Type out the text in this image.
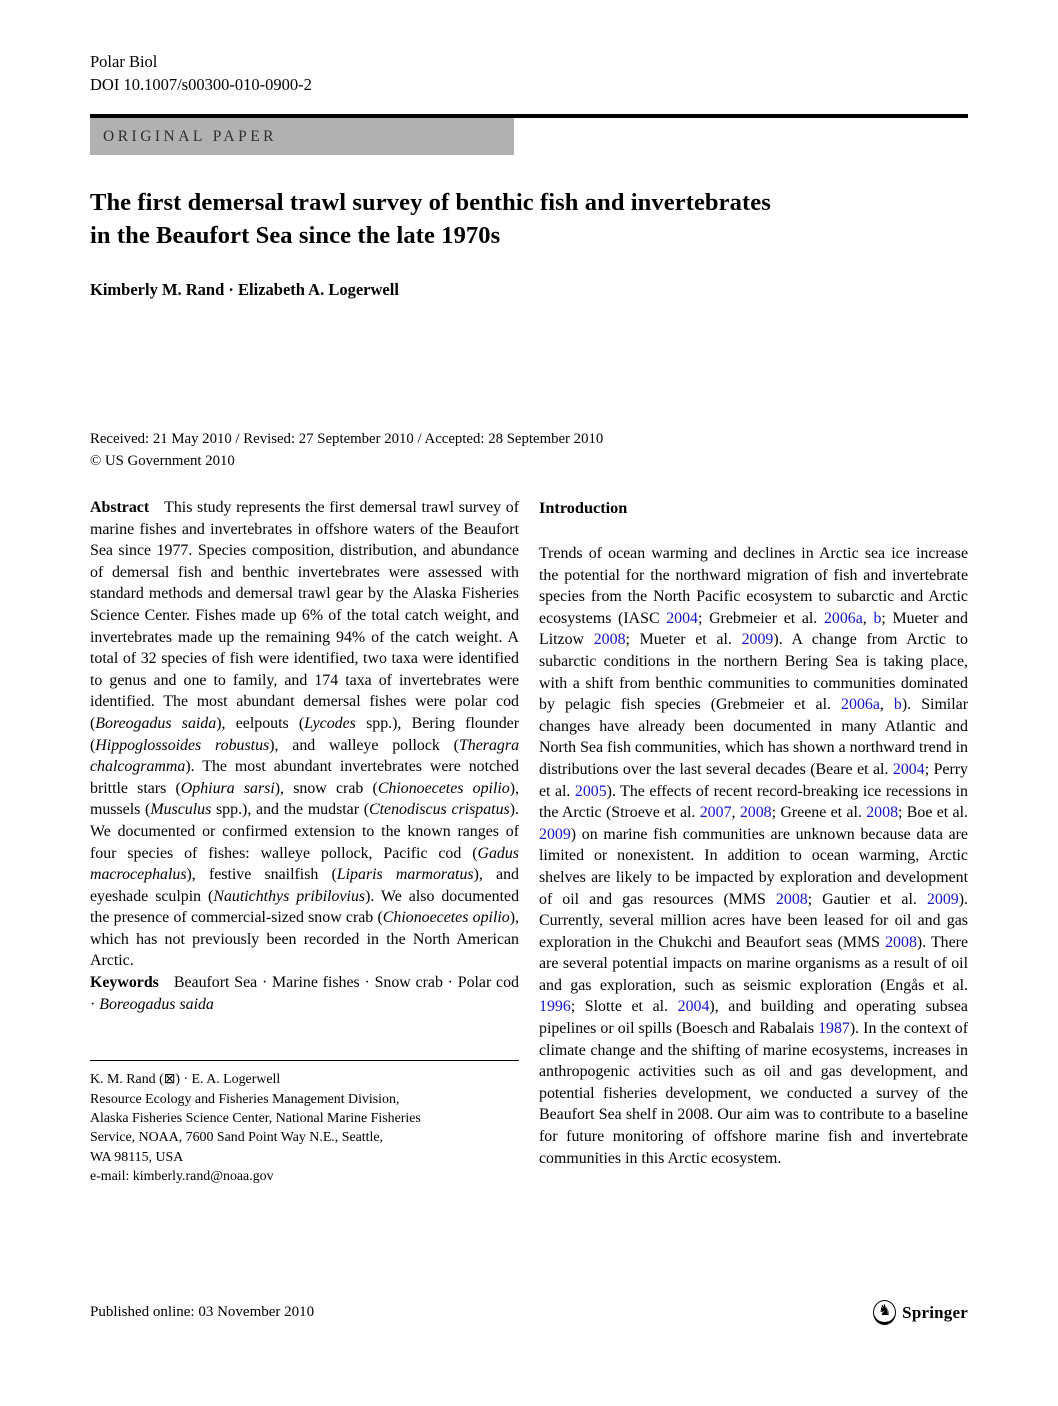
Polar Biol
DOI 10.1007/s00300-010-0900-2
ORIGINAL PAPER
The first demersal trawl survey of benthic fish and invertebrates
in the Beaufort Sea since the late 1970s
Kimberly M. Rand · Elizabeth A. Logerwell
Received: 21 May 2010 / Revised: 27 September 2010 / Accepted: 28 September 2010
© US Government 2010

Abstract This study represents the first demersal trawl survey of marine fishes and invertebrates in offshore waters of the Beaufort Sea since 1977. Species composition, distribution, and abundance of demersal fish and benthic invertebrates were assessed with standard methods and demersal trawl gear by the Alaska Fisheries Science Center. Fishes made up 6% of the total catch weight, and invertebrates made up the remaining 94% of the catch weight. A total of 32 species of fish were identified, two taxa were identified to genus and one to family, and 174 taxa of invertebrates were identified. The most abundant demersal fishes were polar cod (Boreogadus saida), eelpouts (Lycodes spp.), Bering flounder (Hippoglossoides robustus), and walleye pollock (Theragra chalcogramma). The most abundant invertebrates were notched brittle stars (Ophiura sarsi), snow crab (Chionoecetes opilio), mussels (Musculus spp.), and the mudstar (Ctenodiscus crispatus). We documented or confirmed extension to the known ranges of four species of fishes: walleye pollock, Pacific cod (Gadus macrocephalus), festive snailfish (Liparis marmoratus), and eyeshade sculpin (Nautichthys pribilovius). We also documented the presence of commercial-sized snow crab (Chionoecetes opilio), which has not previously been recorded in the North American Arctic.

Keywords Beaufort Sea · Marine fishes · Snow crab · Polar cod · Boreogadus saida

K. M. Rand (⊠) · E. A. Logerwell
Resource Ecology and Fisheries Management Division,
Alaska Fisheries Science Center, National Marine Fisheries
Service, NOAA, 7600 Sand Point Way N.E., Seattle,
WA 98115, USA
e-mail: kimberly.rand@noaa.gov
Introduction

Trends of ocean warming and declines in Arctic sea ice increase the potential for the northward migration of fish and invertebrate species from the North Pacific ecosystem to subarctic and Arctic ecosystems (IASC 2004; Grebmeier et al. 2006a, b; Mueter and Litzow 2008; Mueter et al. 2009). A change from Arctic to subarctic conditions in the northern Bering Sea is taking place, with a shift from benthic communities to communities dominated by pelagic fish species (Grebmeier et al. 2006a, b). Similar changes have already been documented in many Atlantic and North Sea fish communities, which has shown a northward trend in distributions over the last several decades (Beare et al. 2004; Perry et al. 2005). The effects of recent record-breaking ice recessions in the Arctic (Stroeve et al. 2007, 2008; Greene et al. 2008; Boe et al. 2009) on marine fish communities are unknown because data are limited or nonexistent. In addition to ocean warming, Arctic shelves are likely to be impacted by exploration and development of oil and gas resources (MMS 2008; Gautier et al. 2009). Currently, several million acres have been leased for oil and gas exploration in the Chukchi and Beaufort seas (MMS 2008). There are several potential impacts on marine organisms as a result of oil and gas exploration, such as seismic exploration (Engås et al. 1996; Slotte et al. 2004), and building and operating subsea pipelines or oil spills (Boesch and Rabalais 1987). In the context of climate change and the shifting of marine ecosystems, increases in anthropogenic activities such as oil and gas development, and potential fisheries development, we conducted a survey of the Beaufort Sea shelf in 2008. Our aim was to contribute to a baseline for future monitoring of offshore marine fish and invertebrate communities in this Arctic ecosystem.

Published online: 03 November 2010	♞ Springer
